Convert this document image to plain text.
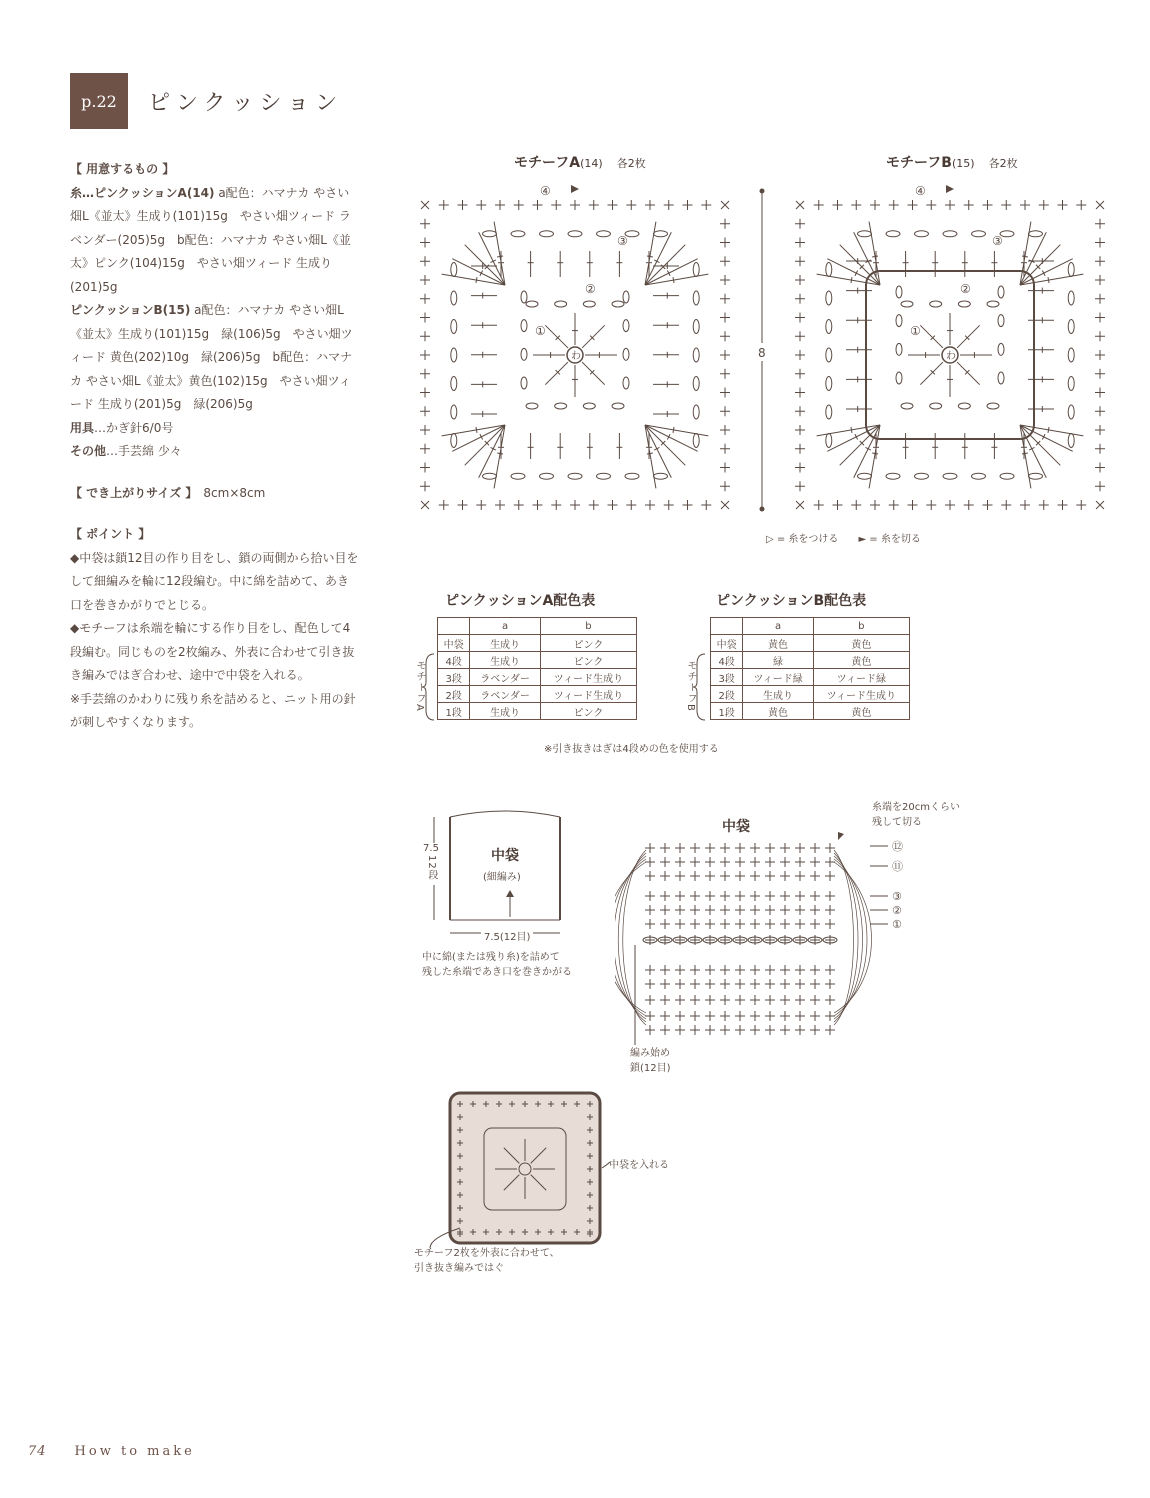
p.22	ピンクッション

【 用意するもの 】

糸…ピンクッションA(14) a配色：ハマナカ やさい畑L《並太》生成り(101)15g　やさい畑ツィード ラベンダー(205)5g　b配色：ハマナカ やさい畑L《並太》ピンク(104)15g　やさい畑ツィード 生成り(201)5g

ピンクッションB(15) a配色：ハマナカ やさい畑L《並太》生成り(101)15g　緑(106)5g　やさい畑ツィード 黄色(202)10g　緑(206)5g　b配色：ハマナカ やさい畑L《並太》黄色(102)15g　やさい畑ツィード 生成り(201)5g　緑(206)5g

用具…かぎ針6/0号

その他…手芸綿 少々

【 でき上がりサイズ 】　 8cm×8cm

【 ポイント 】

◆中袋は鎖12目の作り目をし、鎖の両側から拾い目をして細編みを輪に12段編む。中に綿を詰めて、あき口を巻きかがりでとじる。

◆モチーフは糸端を輪にする作り目をし、配色して4段編む。同じものを2枚編み、外表に合わせて引き抜き編みではぎ合わせ、途中で中袋を入れる。

※手芸綿のかわりに残り糸を詰めると、ニット用の針が刺しやすくなります。

モチーフA(14)　 各2枚	モチーフB(15)　 各2枚
わ
①
②
③
④
わ
①
②
③
④
8
▷ = 糸をつける　　 ► = 糸を切る
ピンクッションA配色表
モチーフA
	a	b
中袋	生成り	ピンク
4段	生成り	ピンク
3段	ラベンダー	ツィード生成り
2段	ラベンダー	ツィード生成り
1段	生成り	ピンク
ピンクッションB配色表
モチーフB
	a	b
中袋	黄色	黄色
4段	緑	黄色
3段	ツィード緑	ツィード緑
2段	生成り	ツィード生成り
1段	黄色	黄色
※引き抜きはぎは4段めの色を使用する
中袋
(細編み)
7.5
12段
7.5(12目)
中に綿(または残り糸)を詰めて
残した糸端であき口を巻きかがる
中袋
糸端を20cmくらい
残して切る
⑫
⑪
③
②
①
編み始め
鎖(12目)
中袋を入れる
モチーフ2枚を外表に合わせて、
引き抜き編みではぐ
74 How to make
